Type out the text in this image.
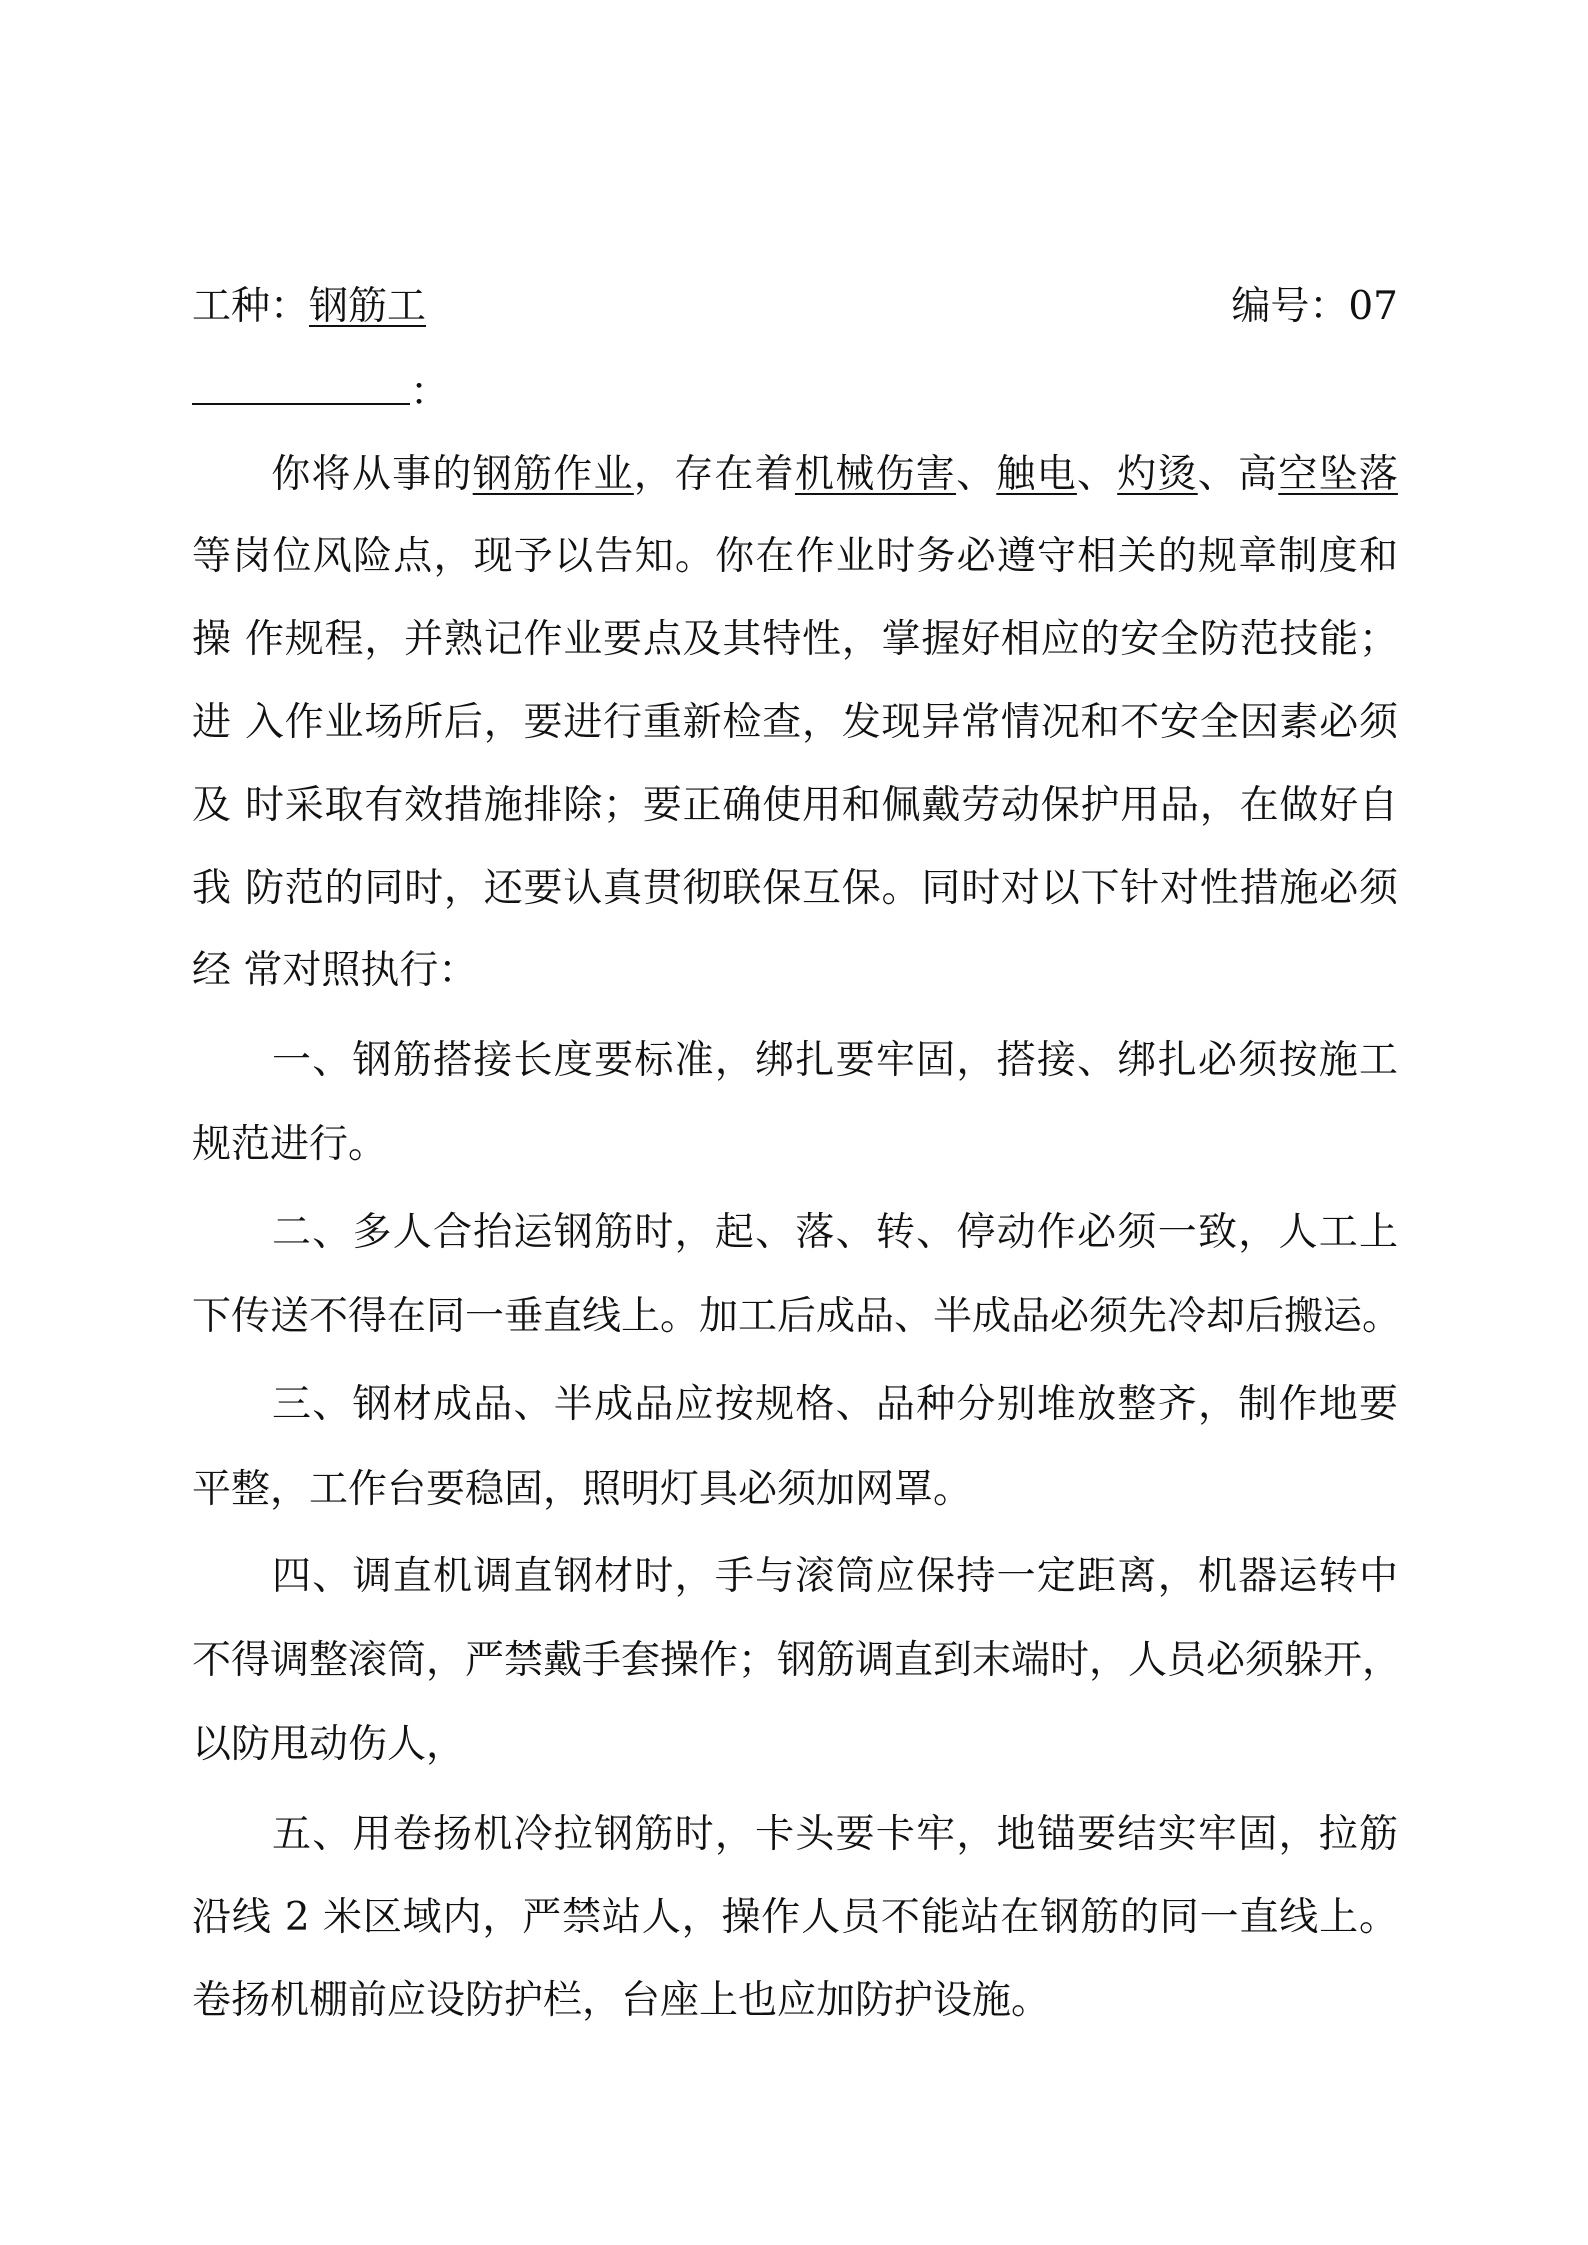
工种：钢筋工	编号：07
：
你将从事的钢筋作业，存在着机械伤害、触电、灼烫、高空坠落
等岗位风险点，现予以告知。你在作业时务必遵守相关的规章制度和
操 作规程，并熟记作业要点及其特性，掌握好相应的安全防范技能；
进 入作业场所后，要进行重新检查，发现异常情况和不安全因素必须
及 时采取有效措施排除；要正确使用和佩戴劳动保护用品，在做好自
我 防范的同时，还要认真贯彻联保互保。同时对以下针对性措施必须
经 常对照执行：
一、钢筋搭接长度要标准，绑扎要牢固，搭接、绑扎必须按施工
规范进行。
二、多人合抬运钢筋时，起、落、转、停动作必须一致，人工上
下传送不得在同一垂直线上。加工后成品、半成品必须先冷却后搬运。
三、钢材成品、半成品应按规格、品种分别堆放整齐，制作地要
平整，工作台要稳固，照明灯具必须加网罩。
四、调直机调直钢材时，手与滚筒应保持一定距离，机器运转中
不得调整滚筒，严禁戴手套操作；钢筋调直到末端时，人员必须躲开，
以防甩动伤人，
五、用卷扬机冷拉钢筋时，卡头要卡牢，地锚要结实牢固，拉筋
沿线 2 米区域内，严禁站人，操作人员不能站在钢筋的同一直线上。
卷扬机棚前应设防护栏，台座上也应加防护设施。
